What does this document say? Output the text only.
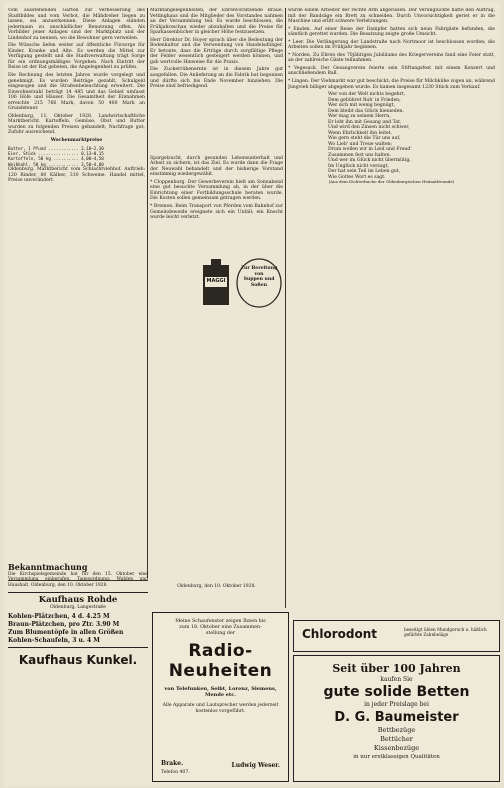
vom ausstehenden Garten zur Verbesserung des Stadtbildes und vom Verbot, die Mähdreher liegen zu lassen, sei anzuerkennen. Diese Anlagen ständen jedermann zu unschädlicher Benutzung offen. Als Vorbilder jener Anlagen sind der Marktplatz und der Lindenhof zu nennen, wo die Bewohner gern verweilen.

Die Wünsche liefen weiter auf öffentliche Fürsorge für Kinder, Kranke und Alte. Es werden die Mittel zur Verfügung gestellt und die Stadtverwaltung trägt Sorge für ein ordnungsmäßiges Vorgehen. Nach Eintritt der Reise ist der Rat gebeten, die Angelegenheit zu prüfen.

Die Rechnung des letzten Jahres wurde vorgelegt und genehmigt. Es wurden Beiträge gezahlt, Schulgeld eingezogen und die Straßenbeleuchtung erweitert. Die Einwohnerzahl beträgt 14 485 und das Gebiet umfasst 106 Höfe und Häuser. Die Gesamtheit der Einnahmen erreichte 215 766 Mark, davon 50 400 Mark an Grundsteuer.

Oldenburg, 11. Oktober 1928. Landwirtschaftliche Marktbericht. Kartoffeln, Gemüse, Obst und Butter wurden zu folgenden Preisen gehandelt; Nachfrage gut, Zufuhr ausreichend.

Wochenmarktpreise

Butter, 1 Pfund ............ 2,10—2,30
Eier, Stück ................ 0,13—0,15
Kartoffeln, 50 kg .......... 4,00—4,50
Weißkohl, 50 kg ............ 3,50—4,00

Oldenburg. Marktbericht vom Schlachtviehhof. Auftrieb: 120 Rinder, 80 Kälber, 310 Schweine. Handel mittel, Preise unverändert.

Marktangelegenheiten, der Ehrenvorsitzende Braue, Vettinghaus und die Mitglieder des Vorstandes nahmen an der Versammlung teil. Es wurde beschlossen, die Frühjahrsschau wieder abzuhalten und die Preise für Sparkassenbücher in gleicher Höhe festzusetzen.

Herr Direktor Dr. Hoyer sprach über die Bedeutung der Bodenkultur und die Verwendung von Handelsdünger. Er betonte, dass die Erträge durch sorgfältige Pflege der Felder wesentlich gesteigert werden können, und gab wertvolle Hinweise für die Praxis.

Die Zuckerrübenernte ist in diesem Jahre gut ausgefallen. Die Anlieferung an die Fabrik hat begonnen und dürfte sich bis Ende November hinziehen. Die Preise sind befriedigend.

Spargelzucht, durch gesunden Lebensunterhalt und Arbeit zu sichern, ist das Ziel. Es wurde dann die Frage der Neuwahl behandelt und der bisherige Vorstand einstimmig wiedergewählt.

* Cloppenburg. Der Gewerbeverein hielt am Sonnabend eine gut besuchte Versammlung ab, in der über die Einrichtung einer Fortbildungsschule beraten wurde. Die Kosten sollen gemeinsam getragen werden.

* Bremen. Beim Transport von Pferden vom Bahnhof zur Gemeindeweide ereignete sich ein Unfall; ein Knecht wurde leicht verletzt.

MAGGI
Zur Bereitung
von
Suppen und Soßen

wurde einem Arbeiter der rechte Arm abgerissen. Der Verunglückte hatte den Auftrag, mit der Bandsäge ein Brett zu schneiden. Durch Unvorsichtigkeit geriet er in die Maschine und erlitt schwere Verletzungen.

* Emden. Auf einer Reise der Dampfer hatten sich neun Fahrgäste befunden, die sämtlich gerettet wurden. Die Besatzung zeigte große Umsicht.

* Leer. Die Verlängerung der Landstraße nach Nortmoor ist beschlossen worden; die Arbeiten sollen im Frühjahr beginnen.

* Norden. Zu Ehren des 70jährigen Jubiläums des Kriegervereins fand eine Feier statt, an der zahlreiche Gäste teilnahmen.

* Vegesack. Der Gesangverein feierte sein Stiftungsfest mit einem Konzert und anschließendem Ball.

* Lingen. Der Viehmarkt war gut beschickt; die Preise für Milchkühe zogen an, während Jungvieh billiger abgegeben wurde. Es kamen insgesamt 1230 Stück zum Verkauf.

Wer von der Welt nichts begehrt,
Dem gebühret Ruh' in Frieden;
Wer sich mit wenig begnügt,
Dem bleibt das Glück hienieden.
Wer mag zu seinem Herrn,
Er lobt ihn mit Gesang und Tat,
Und wird den Zinsen nicht schwer,
Wenn Ehrlichkeit ihn leitet.
Wie gern steht die Tür uns auf,
Wo Lieb' und Treue walten;
Drum wollen wir in Leid und Freud'
Zusammen fest uns halten.
Und wer im Glück nicht übermütig,
Im Unglück nicht verzagt,
Der hat sein Teil im Leben gut,
Wie Gottes Wort es sagt.

(Aus dem Dichterbuche der Oldenburgischen Heimatfreunde)

Bekanntmachung
Die Kirchspielsgemeinde hat für den 15. Oktober eine Versammlung einberufen. Tagesordnung: Wahlen und Haushalt. Oldenburg, den 10. Oktober 1928.
Kaufhaus Rohde
Oldenburg, Langestraße
Kohlen-Plätzchen, 4 d. 4.25 M
Braun-Plätzchen, pro Ztr. 3.90 M
Zum Blumentöpfe in allen Größen
Kohlen-Schaufeln, 3 u. 4 M
Kaufhaus Kunkel.
Oldenburg, den 10. Oktober 1928.
Meine Schaufenster zeigen Ihnen bis
zum 18. Oktober eine Zusammen-
stellung der
Radio-
Neuheiten
von Telefunken, Seibt, Lorenz, Siemens, Mende etc.
Alle Apparate und Lautsprecher werden jederzeit kostenlos vorgeführt.
Brake.
Telefon 407.
Ludwig Weser.
Chlorodont	beseitigt üblen Mundgeruch u. häßlich gefärbte Zahnbeläge
Seit über 100 Jahren
kaufen Sie
gute solide Betten
in jeder Preislage bei
D. G. Baumeister
Bettbezüge
Bettücher
Kissenbezüge
in nur erstklassigen Qualitäten
